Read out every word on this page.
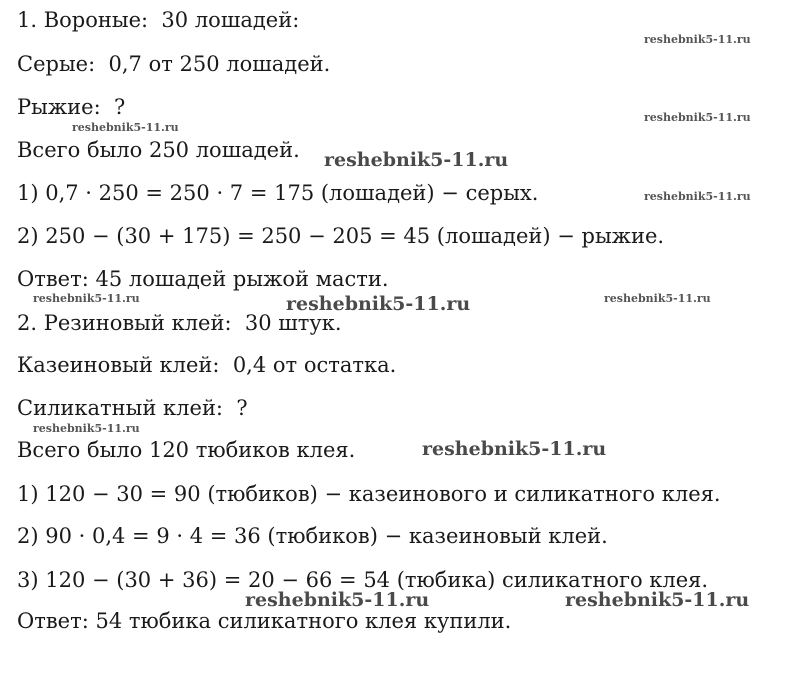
1. Вороные:  30 лошадей:
Серые:  0,7 от 250 лошадей.
Рыжие:  ?
Всего было 250 лошадей.
1) 0,7 · 250 = 250 · 7 = 175 (лошадей) − серых.
2) 250 − (30 + 175) = 250 − 205 = 45 (лошадей) − рыжие.
Ответ: 45 лошадей рыжой масти.
2. Резиновый клей:  30 штук.
Казеиновый клей:  0,4 от остатка.
Силикатный клей:  ?
Всего было 120 тюбиков клея.
1) 120 − 30 = 90 (тюбиков) − казеинового и силикатного клея.
2) 90 · 0,4 = 9 · 4 = 36 (тюбиков) − казеиновый клей.
3) 120 − (30 + 36) = 20 − 66 = 54 (тюбика) силикатного клея.
Ответ: 54 тюбика силикатного клея купили.
reshebnik5-11.ru
reshebnik5-11.ru
reshebnik5-11.ru
reshebnik5-11.ru
reshebnik5-11.ru
reshebnik5-11.ru	reshebnik5-11.ru	reshebnik5-11.ru
reshebnik5-11.ru
reshebnik5-11.ru
reshebnik5-11.ru	reshebnik5-11.ru
